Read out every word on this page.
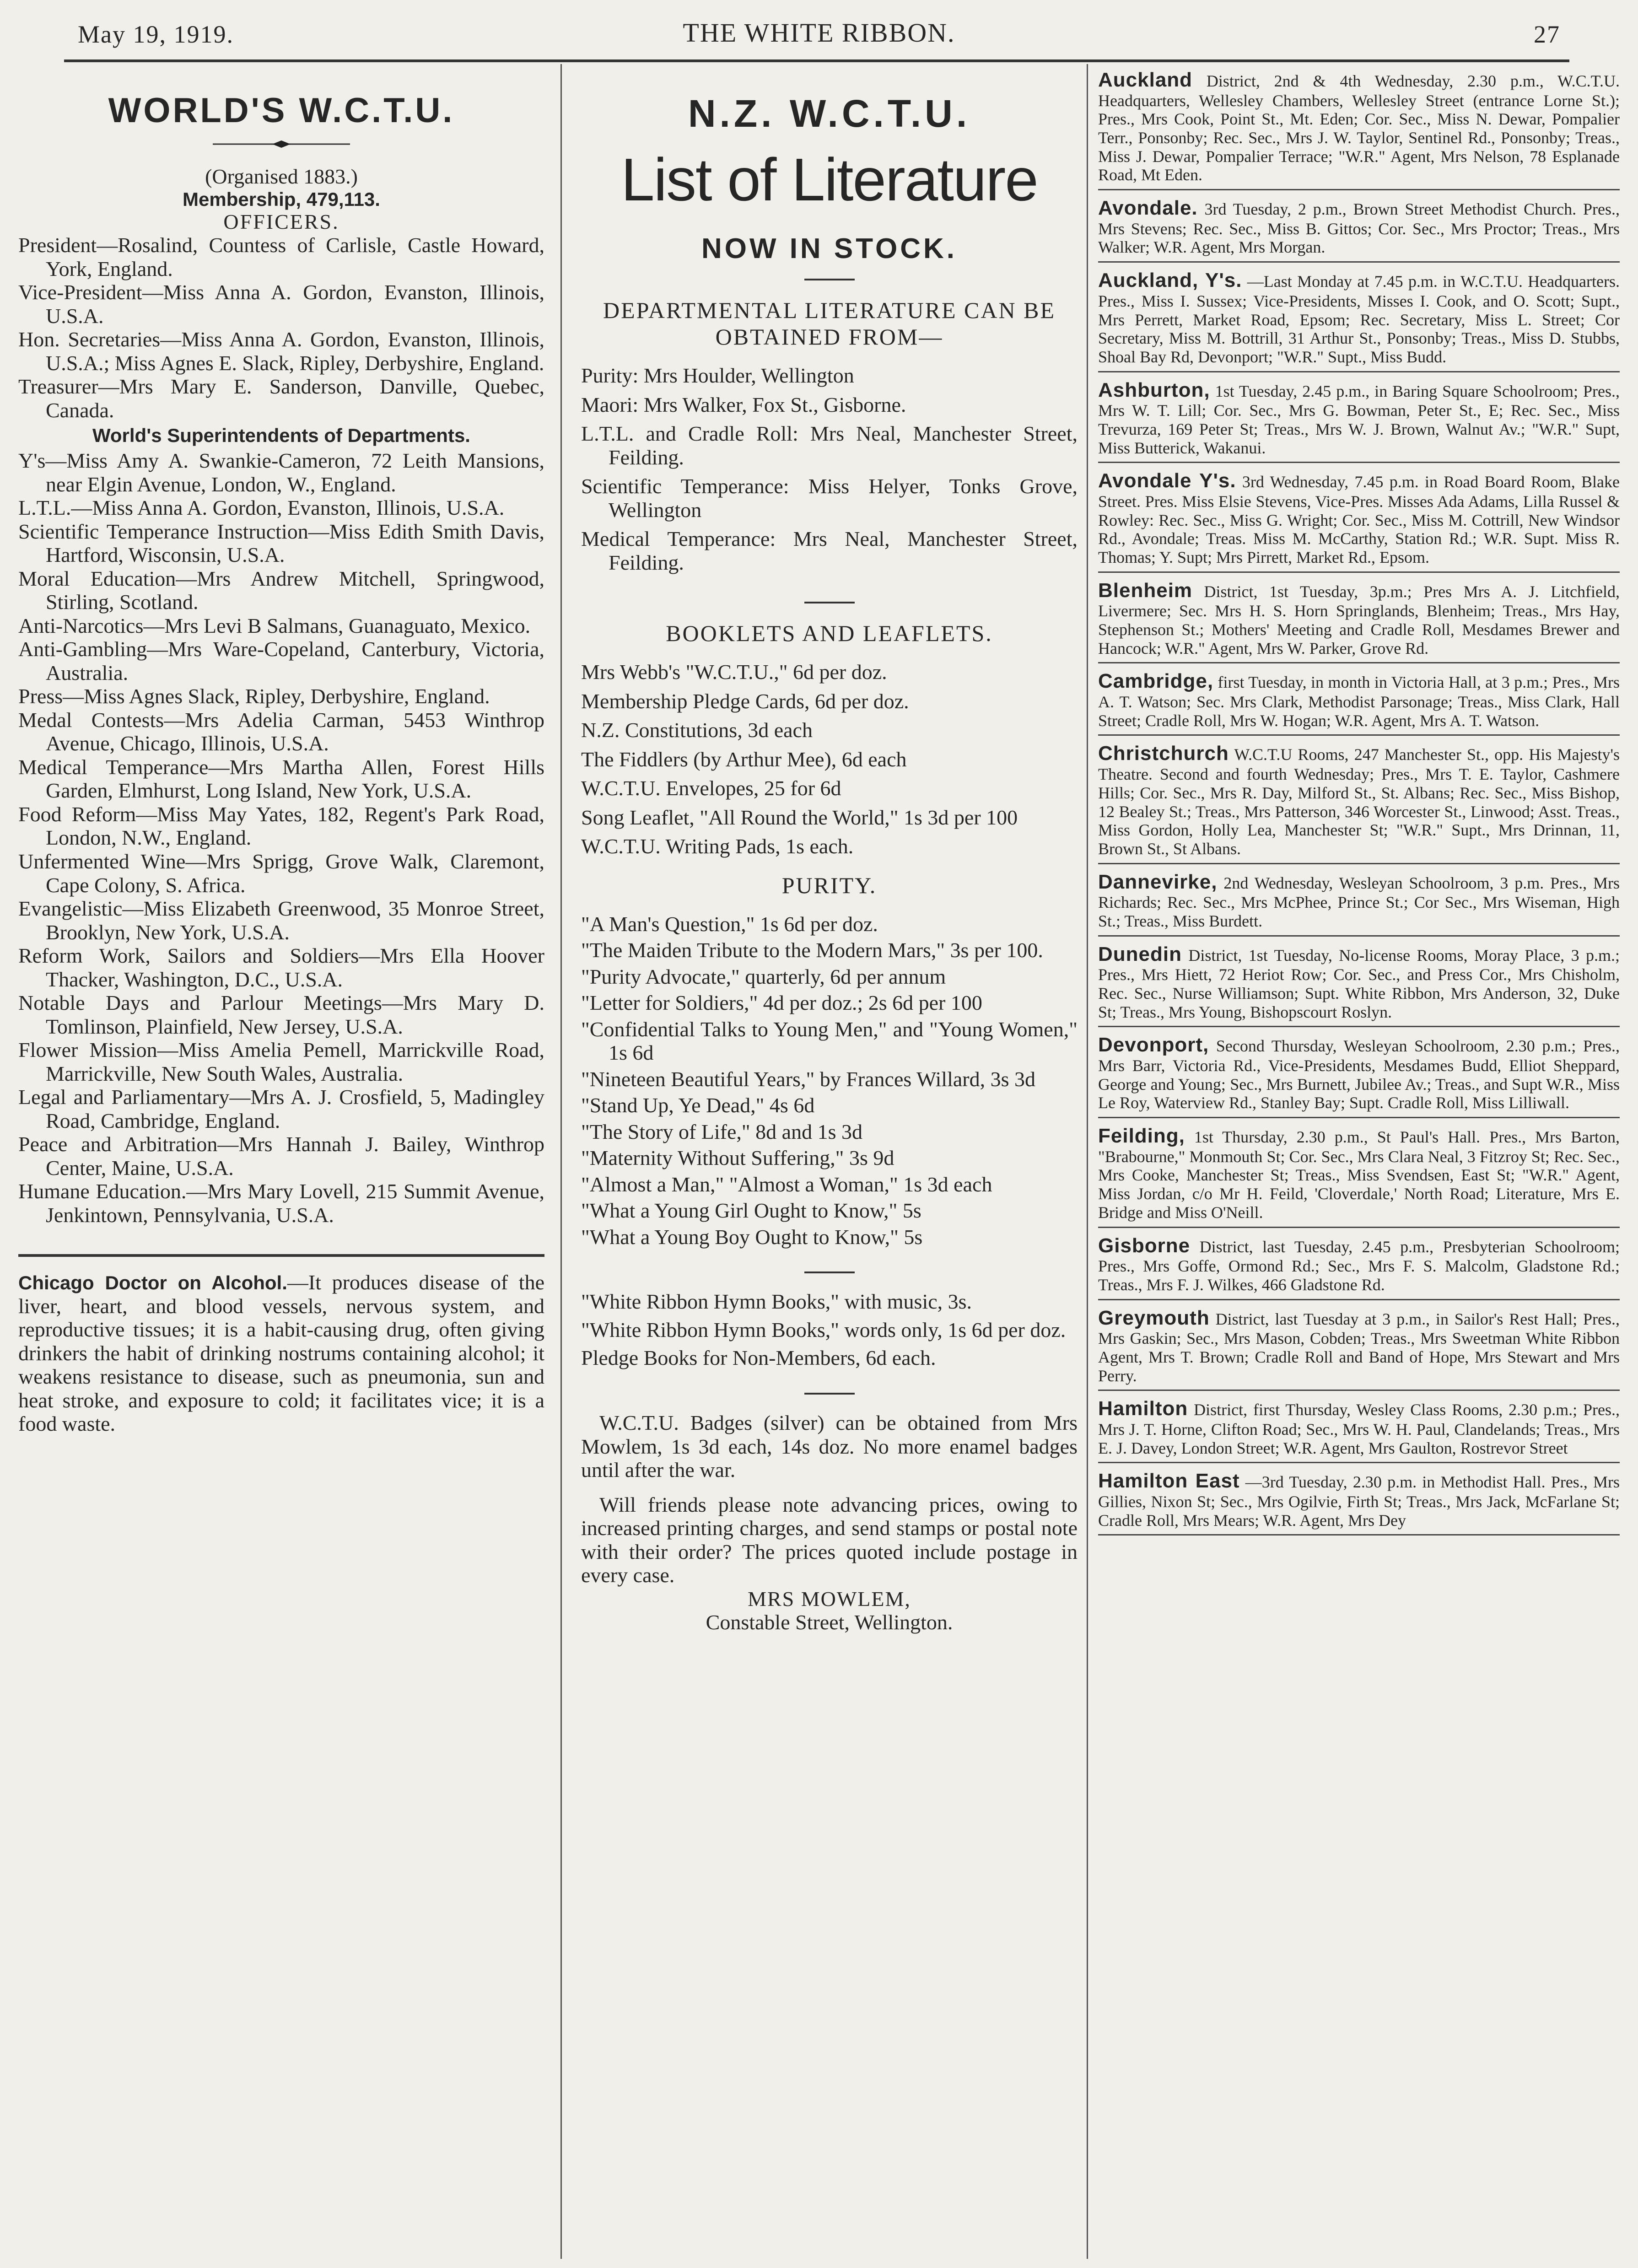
May 19, 1919.	THE WHITE RIBBON.	27
WORLD'S W.C.T.U.

(Organised 1883.)

Membership, 479,113.

OFFICERS.

President—Rosalind, Countess of Carlisle, Castle Howard, York, England.

Vice-President—Miss Anna A. Gordon, Evanston, Illinois, U.S.A.

Hon. Secretaries—Miss Anna A. Gordon, Evanston, Illinois, U.S.A.; Miss Agnes E. Slack, Ripley, Derbyshire, England.

Treasurer—Mrs Mary E. Sanderson, Danville, Quebec, Canada.

World's Superintendents of Departments.

Y's—Miss Amy A. Swankie-Cameron, 72 Leith Mansions, near Elgin Avenue, London, W., England.

L.T.L.—Miss Anna A. Gordon, Evanston, Illinois, U.S.A.

Scientific Temperance Instruction—Miss Edith Smith Davis, Hartford, Wisconsin, U.S.A.

Moral Education—Mrs Andrew Mitchell, Springwood, Stirling, Scotland.

Anti-Narcotics—Mrs Levi B Salmans, Guanaguato, Mexico.

Anti-Gambling—Mrs Ware-Copeland, Canterbury, Victoria, Australia.

Press—Miss Agnes Slack, Ripley, Derbyshire, England.

Medal Contests—Mrs Adelia Carman, 5453 Winthrop Avenue, Chicago, Illinois, U.S.A.

Medical Temperance—Mrs Martha Allen, Forest Hills Garden, Elmhurst, Long Island, New York, U.S.A.

Food Reform—Miss May Yates, 182, Regent's Park Road, London, N.W., England.

Unfermented Wine—Mrs Sprigg, Grove Walk, Claremont, Cape Colony, S. Africa.

Evangelistic—Miss Elizabeth Greenwood, 35 Monroe Street, Brooklyn, New York, U.S.A.

Reform Work, Sailors and Soldiers—Mrs Ella Hoover Thacker, Washington, D.C., U.S.A.

Notable Days and Parlour Meetings—Mrs Mary D. Tomlinson, Plainfield, New Jersey, U.S.A.

Flower Mission—Miss Amelia Pemell, Marrickville Road, Marrickville, New South Wales, Australia.

Legal and Parliamentary—Mrs A. J. Crosfield, 5, Madingley Road, Cambridge, England.

Peace and Arbitration—Mrs Hannah J. Bailey, Winthrop Center, Maine, U.S.A.

Humane Education.—Mrs Mary Lovell, 215 Summit Avenue, Jenkintown, Pennsylvania, U.S.A.

Chicago Doctor on Alcohol.—It produces disease of the liver, heart, and blood vessels, nervous system, and reproductive tissues; it is a habit-causing drug, often giving drinkers the habit of drinking nostrums containing alcohol; it weakens resistance to disease, such as pneumonia, sun and heat stroke, and exposure to cold; it facilitates vice; it is a food waste.

N.Z. W.C.T.U.
List of Literature
NOW IN STOCK.
DEPARTMENTAL LITERATURE CAN BE OBTAINED FROM—

Purity: Mrs Houlder, Wellington

Maori: Mrs Walker, Fox St., Gisborne.

L.T.L. and Cradle Roll: Mrs Neal, Manchester Street, Feilding.

Scientific Temperance: Miss Helyer, Tonks Grove, Wellington

Medical Temperance: Mrs Neal, Manchester Street, Feilding.

BOOKLETS AND LEAFLETS.

Mrs Webb's "W.C.T.U.," 6d per doz.

Membership Pledge Cards, 6d per doz.

N.Z. Constitutions, 3d each

The Fiddlers (by Arthur Mee), 6d each

W.C.T.U. Envelopes, 25 for 6d

Song Leaflet, "All Round the World," 1s 3d per 100

W.C.T.U. Writing Pads, 1s each.

PURITY.

"A Man's Question," 1s 6d per doz.

"The Maiden Tribute to the Modern Mars," 3s per 100.

"Purity Advocate," quarterly, 6d per annum

"Letter for Soldiers," 4d per doz.; 2s 6d per 100

"Confidential Talks to Young Men," and "Young Women," 1s 6d

"Nineteen Beautiful Years," by Frances Willard, 3s 3d

"Stand Up, Ye Dead," 4s 6d

"The Story of Life," 8d and 1s 3d

"Maternity Without Suffering," 3s 9d

"Almost a Man," "Almost a Woman," 1s 3d each

"What a Young Girl Ought to Know," 5s

"What a Young Boy Ought to Know," 5s

"White Ribbon Hymn Books," with music, 3s.

"White Ribbon Hymn Books," words only, 1s 6d per doz.

Pledge Books for Non-Members, 6d each.

W.C.T.U. Badges (silver) can be obtained from Mrs Mowlem, 1s 3d each, 14s doz. No more enamel badges until after the war.

Will friends please note advancing prices, owing to increased printing charges, and send stamps or postal note with their order? The prices quoted include postage in every case.

MRS MOWLEM,

Constable Street, Wellington.

Auckland District, 2nd & 4th Wednesday, 2.30 p.m., W.C.T.U. Headquarters, Wellesley Chambers, Wellesley Street (entrance Lorne St.); Pres., Mrs Cook, Point St., Mt. Eden; Cor. Sec., Miss N. Dewar, Pompalier Terr., Ponsonby; Rec. Sec., Mrs J. W. Taylor, Sentinel Rd., Ponsonby; Treas., Miss J. Dewar, Pompalier Terrace; "W.R." Agent, Mrs Nelson, 78 Esplanade Road, Mt Eden.

Avondale. 3rd Tuesday, 2 p.m., Brown Street Methodist Church. Pres., Mrs Stevens; Rec. Sec., Miss B. Gittos; Cor. Sec., Mrs Proctor; Treas., Mrs Walker; W.R. Agent, Mrs Morgan.

Auckland, Y's. —Last Monday at 7.45 p.m. in W.C.T.U. Headquarters. Pres., Miss I. Sussex; Vice-Presidents, Misses I. Cook, and O. Scott; Supt., Mrs Perrett, Market Road, Epsom; Rec. Secretary, Miss L. Street; Cor Secretary, Miss M. Bottrill, 31 Arthur St., Ponsonby; Treas., Miss D. Stubbs, Shoal Bay Rd, Devonport; "W.R." Supt., Miss Budd.

Ashburton, 1st Tuesday, 2.45 p.m., in Baring Square Schoolroom; Pres., Mrs W. T. Lill; Cor. Sec., Mrs G. Bowman, Peter St., E; Rec. Sec., Miss Trevurza, 169 Peter St; Treas., Mrs W. J. Brown, Walnut Av.; "W.R." Supt, Miss Butterick, Wakanui.

Avondale Y's. 3rd Wednesday, 7.45 p.m. in Road Board Room, Blake Street. Pres. Miss Elsie Stevens, Vice-Pres. Misses Ada Adams, Lilla Russel & Rowley: Rec. Sec., Miss G. Wright; Cor. Sec., Miss M. Cottrill, New Windsor Rd., Avondale; Treas. Miss M. McCarthy, Station Rd.; W.R. Supt. Miss R. Thomas; Y. Supt; Mrs Pirrett, Market Rd., Epsom.

Blenheim District, 1st Tuesday, 3p.m.; Pres Mrs A. J. Litchfield, Livermere; Sec. Mrs H. S. Horn Springlands, Blenheim; Treas., Mrs Hay, Stephenson St.; Mothers' Meeting and Cradle Roll, Mesdames Brewer and Hancock; W.R." Agent, Mrs W. Parker, Grove Rd.

Cambridge, first Tuesday, in month in Victoria Hall, at 3 p.m.; Pres., Mrs A. T. Watson; Sec. Mrs Clark, Methodist Parsonage; Treas., Miss Clark, Hall Street; Cradle Roll, Mrs W. Hogan; W.R. Agent, Mrs A. T. Watson.

Christchurch W.C.T.U Rooms, 247 Manchester St., opp. His Majesty's Theatre. Second and fourth Wednesday; Pres., Mrs T. E. Taylor, Cashmere Hills; Cor. Sec., Mrs R. Day, Milford St., St. Albans; Rec. Sec., Miss Bishop, 12 Bealey St.; Treas., Mrs Patterson, 346 Worcester St., Linwood; Asst. Treas., Miss Gordon, Holly Lea, Manchester St; "W.R." Supt., Mrs Drinnan, 11, Brown St., St Albans.

Dannevirke, 2nd Wednesday, Wesleyan Schoolroom, 3 p.m. Pres., Mrs Richards; Rec. Sec., Mrs McPhee, Prince St.; Cor Sec., Mrs Wiseman, High St.; Treas., Miss Burdett.

Dunedin District, 1st Tuesday, No-license Rooms, Moray Place, 3 p.m.; Pres., Mrs Hiett, 72 Heriot Row; Cor. Sec., and Press Cor., Mrs Chisholm, Rec. Sec., Nurse Williamson; Supt. White Ribbon, Mrs Anderson, 32, Duke St; Treas., Mrs Young, Bishopscourt Roslyn.

Devonport, Second Thursday, Wesleyan Schoolroom, 2.30 p.m.; Pres., Mrs Barr, Victoria Rd., Vice-Presidents, Mesdames Budd, Elliot Sheppard, George and Young; Sec., Mrs Burnett, Jubilee Av.; Treas., and Supt W.R., Miss Le Roy, Waterview Rd., Stanley Bay; Supt. Cradle Roll, Miss Lilliwall.

Feilding, 1st Thursday, 2.30 p.m., St Paul's Hall. Pres., Mrs Barton, "Brabourne," Monmouth St; Cor. Sec., Mrs Clara Neal, 3 Fitzroy St; Rec. Sec., Mrs Cooke, Manchester St; Treas., Miss Svendsen, East St; "W.R." Agent, Miss Jordan, c/o Mr H. Feild, 'Cloverdale,' North Road; Literature, Mrs E. Bridge and Miss O'Neill.

Gisborne District, last Tuesday, 2.45 p.m., Presbyterian Schoolroom; Pres., Mrs Goffe, Ormond Rd.; Sec., Mrs F. S. Malcolm, Gladstone Rd.; Treas., Mrs F. J. Wilkes, 466 Gladstone Rd.

Greymouth District, last Tuesday at 3 p.m., in Sailor's Rest Hall; Pres., Mrs Gaskin; Sec., Mrs Mason, Cobden; Treas., Mrs Sweetman White Ribbon Agent, Mrs T. Brown; Cradle Roll and Band of Hope, Mrs Stewart and Mrs Perry.

Hamilton District, first Thursday, Wesley Class Rooms, 2.30 p.m.; Pres., Mrs J. T. Horne, Clifton Road; Sec., Mrs W. H. Paul, Clandelands; Treas., Mrs E. J. Davey, London Street; W.R. Agent, Mrs Gaulton, Rostrevor Street

Hamilton East —3rd Tuesday, 2.30 p.m. in Methodist Hall. Pres., Mrs Gillies, Nixon St; Sec., Mrs Ogilvie, Firth St; Treas., Mrs Jack, McFarlane St; Cradle Roll, Mrs Mears; W.R. Agent, Mrs Dey
